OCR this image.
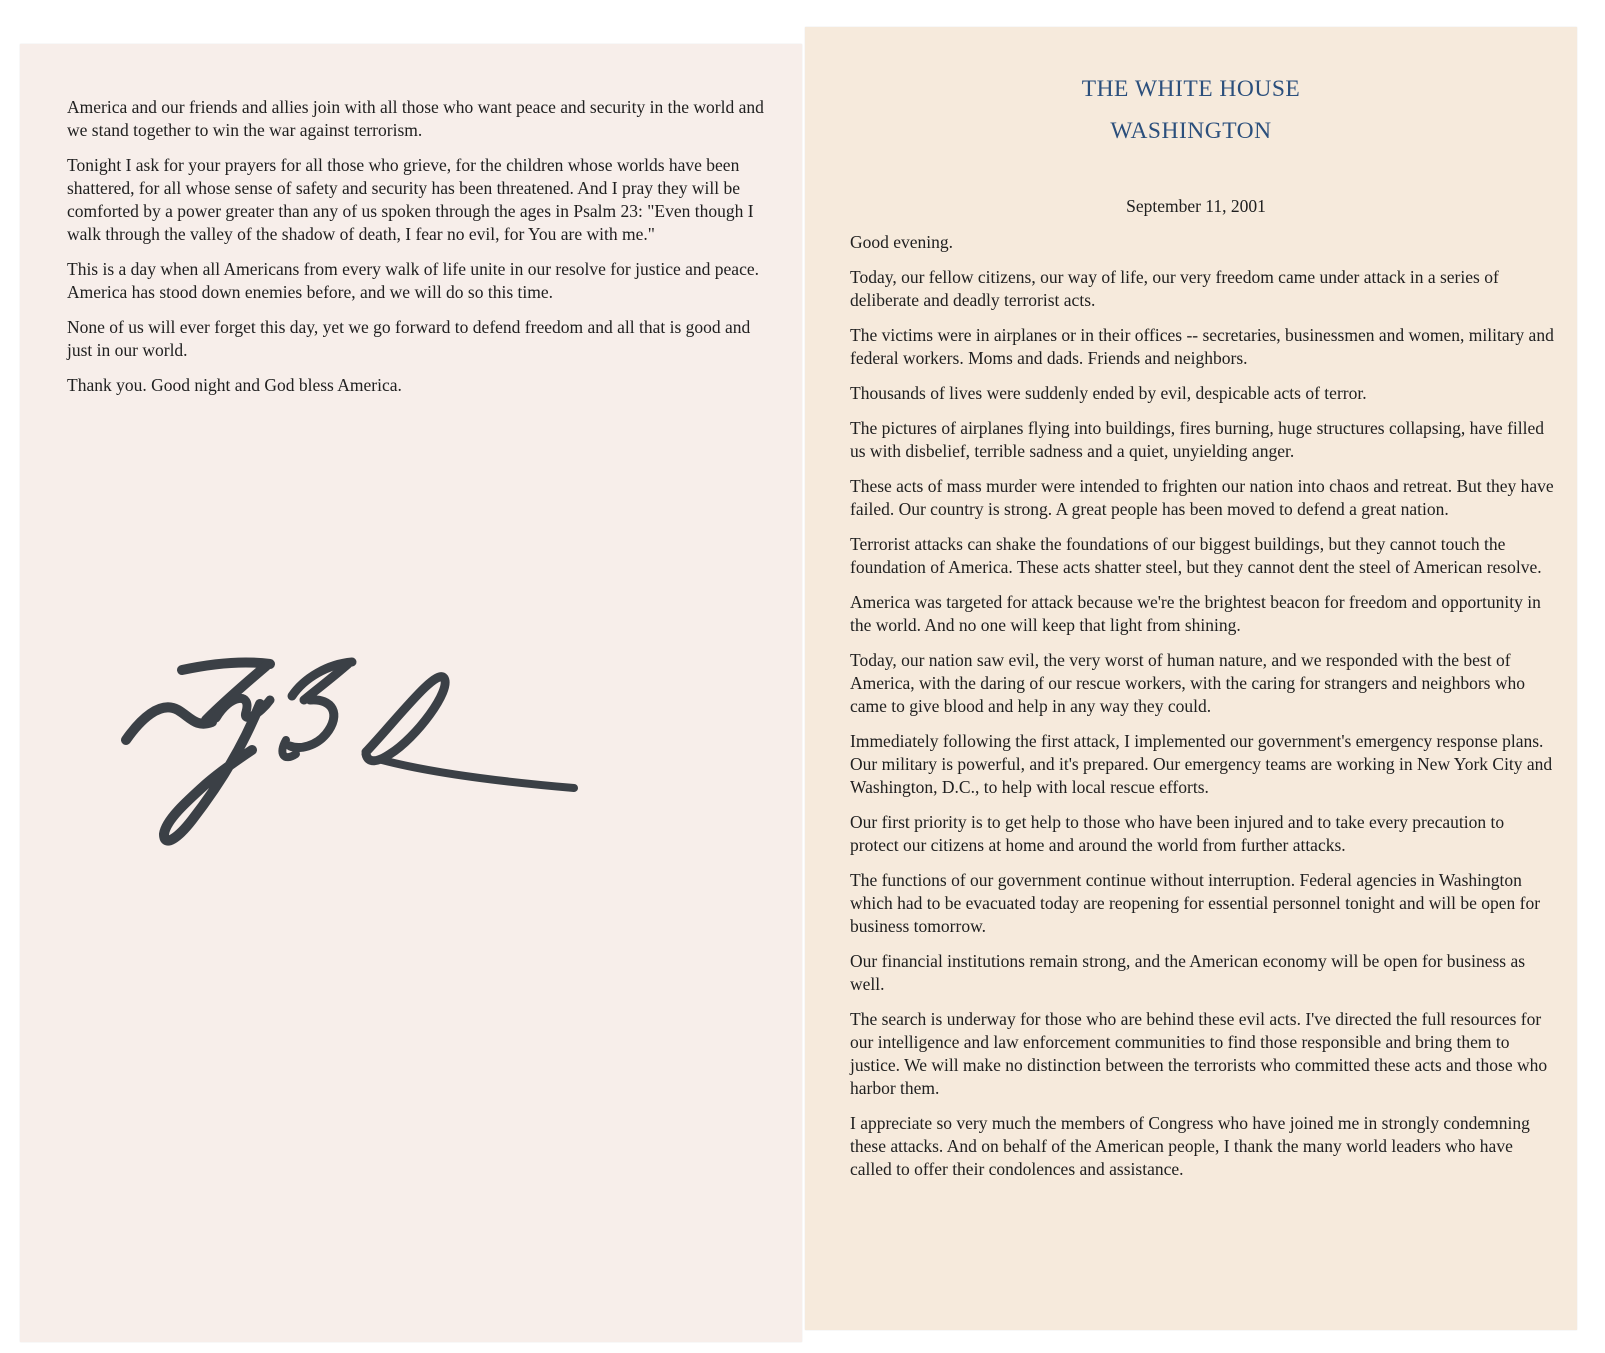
America and our friends and allies join with all those who want peace and security in the world and we stand together to win the war against terrorism.

Tonight I ask for your prayers for all those who grieve, for the children whose worlds have been shattered, for all whose sense of safety and security has been threatened. And I pray they will be comforted by a power greater than any of us spoken through the ages in Psalm 23: "Even though I walk through the valley of the shadow of death, I fear no evil, for You are with me."

This is a day when all Americans from every walk of life unite in our resolve for justice and peace. America has stood down enemies before, and we will do so this time.

None of us will ever forget this day, yet we go forward to defend freedom and all that is good and just in our world.

Thank you. Good night and God bless America.

THE WHITE HOUSE
WASHINGTON
September 11, 2001

Good evening.

Today, our fellow citizens, our way of life, our very freedom came under attack in a series of deliberate and deadly terrorist acts.

The victims were in airplanes or in their offices -- secretaries, businessmen and women, military and federal workers. Moms and dads. Friends and neighbors.

Thousands of lives were suddenly ended by evil, despicable acts of terror.

The pictures of airplanes flying into buildings, fires burning, huge structures collapsing, have filled us with disbelief, terrible sadness and a quiet, unyielding anger.

These acts of mass murder were intended to frighten our nation into chaos and retreat. But they have failed. Our country is strong. A great people has been moved to defend a great nation.

Terrorist attacks can shake the foundations of our biggest buildings, but they cannot touch the foundation of America. These acts shatter steel, but they cannot dent the steel of American resolve.

America was targeted for attack because we're the brightest beacon for freedom and opportunity in the world. And no one will keep that light from shining.

Today, our nation saw evil, the very worst of human nature, and we responded with the best of America, with the daring of our rescue workers, with the caring for strangers and neighbors who came to give blood and help in any way they could.

Immediately following the first attack, I implemented our government's emergency response plans. Our military is powerful, and it's prepared. Our emergency teams are working in New York City and Washington, D.C., to help with local rescue efforts.

Our first priority is to get help to those who have been injured and to take every precaution to protect our citizens at home and around the world from further attacks.

The functions of our government continue without interruption. Federal agencies in Washington which had to be evacuated today are reopening for essential personnel tonight and will be open for business tomorrow.

Our financial institutions remain strong, and the American economy will be open for business as well.

The search is underway for those who are behind these evil acts. I've directed the full resources for our intelligence and law enforcement communities to find those responsible and bring them to justice. We will make no distinction between the terrorists who committed these acts and those who harbor them.

I appreciate so very much the members of Congress who have joined me in strongly condemning these attacks. And on behalf of the American people, I thank the many world leaders who have called to offer their condolences and assistance.
